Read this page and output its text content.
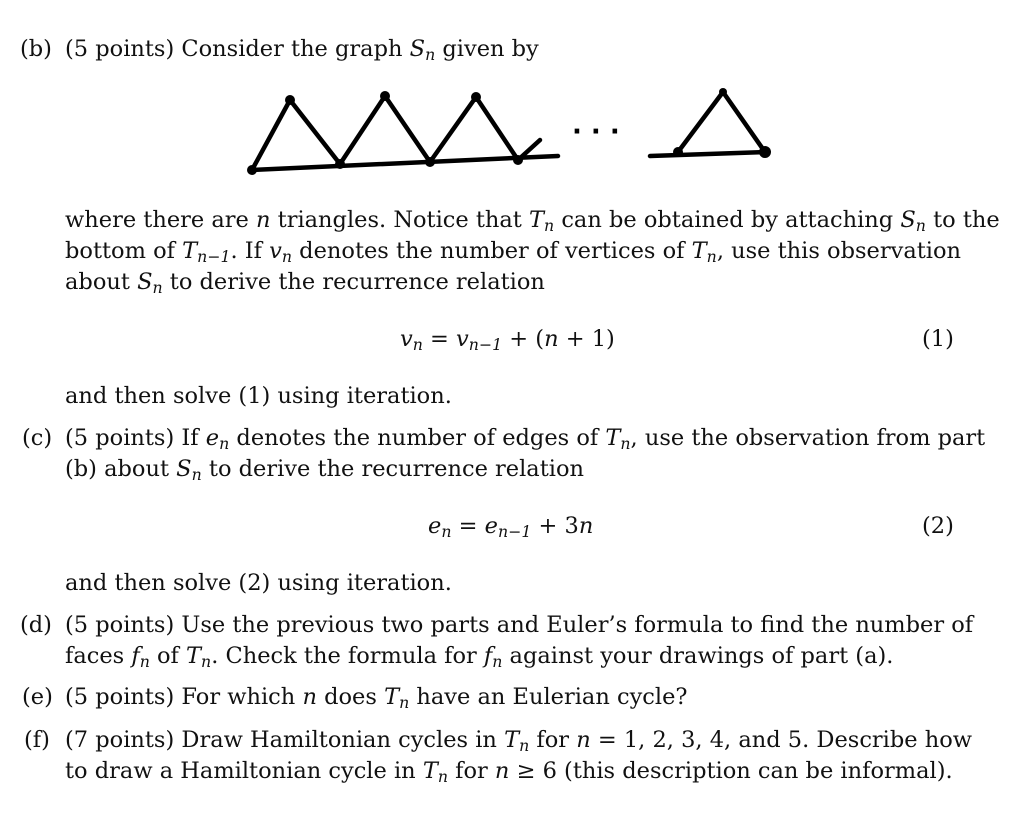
(b) (5 points) Consider the graph $S_n$ given by
· · ·
where there are n triangles. Notice that $T_n$ can be obtained by attaching $S_n$ to the
bottom of $T_{n-1}$. If $v_n$ denotes the number of vertices of $T_n$, use this observation
about $S_n$ to derive the recurrence relation
$v_n = v_{n-1} + (n + 1)$	(1)
and then solve (1) using iteration.
(c) (5 points) If $e_n$ denotes the number of edges of $T_n$, use the observation from part
(b) about $S_n$ to derive the recurrence relation
$e_n = e_{n-1} + 3n$	(2)
and then solve (2) using iteration.
(d) (5 points) Use the previous two parts and Euler’s formula to find the number of
faces $f_n$ of $T_n$. Check the formula for $f_n$ against your drawings of part (a).
(e) (5 points) For which n does $T_n$ have an Eulerian cycle?
(f) (7 points) Draw Hamiltonian cycles in $T_n$ for n = 1, 2, 3, 4, and 5. Describe how
to draw a Hamiltonian cycle in $T_n$ for n ≥ 6 (this description can be informal).
